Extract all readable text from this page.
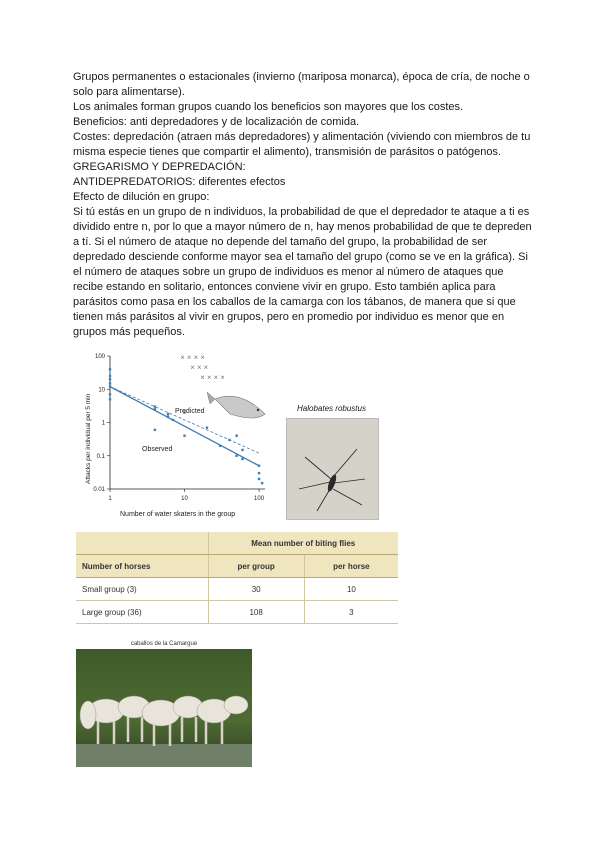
Grupos permanentes o estacionales (invierno (mariposa monarca), época de cría, de noche o solo para alimentarse).

Los animales forman grupos cuando los beneficios son mayores que los costes.

Beneficios: anti depredadores y de localización de comida.

Costes: depredación (atraen más depredadores) y alimentación (viviendo con miembros de tu misma especie tienes que compartir el alimento), transmisión de parásitos o patógenos.

GREGARISMO Y DEPREDACIÓN:

ANTIDEPREDATORIOS: diferentes efectos

Efecto de dilución en grupo:

Si tú estás en un grupo de n individuos, la probabilidad de que el depredador te ataque a ti es dividido entre n, por lo que a mayor número de n, hay menos probabilidad de que te depreden a tí. Si el número de ataque no depende del tamaño del grupo, la probabilidad de ser depredado desciende conforme mayor sea el tamaño del grupo (como se ve en la gráfica). Si el número de ataques sobre un grupo de individuos es menor al número de ataques que recibe estando en solitario, entonces conviene vivir en grupo. Esto también aplica para parásitos como pasa en los caballos de la camarga con los tábanos, de manera que si que tienen más parásitos al vivir en grupos, pero en promedio por individuo es menor que en grupos más pequeños.

⨯ ⨯ ⨯ ⨯
⨯ ⨯ ⨯
⨯ ⨯ ⨯ ⨯
100
10
1
0.1
0.01
1	10	100
Predicted
Observed
Number of water skaters in the group
Attacks per individual per 5 min	Halobates robustus
	Mean number of biting flies	
Number of horses	per group	per horse
Small group (3)	30	10
Large group (36)	108	3
caballos de la Camargue
